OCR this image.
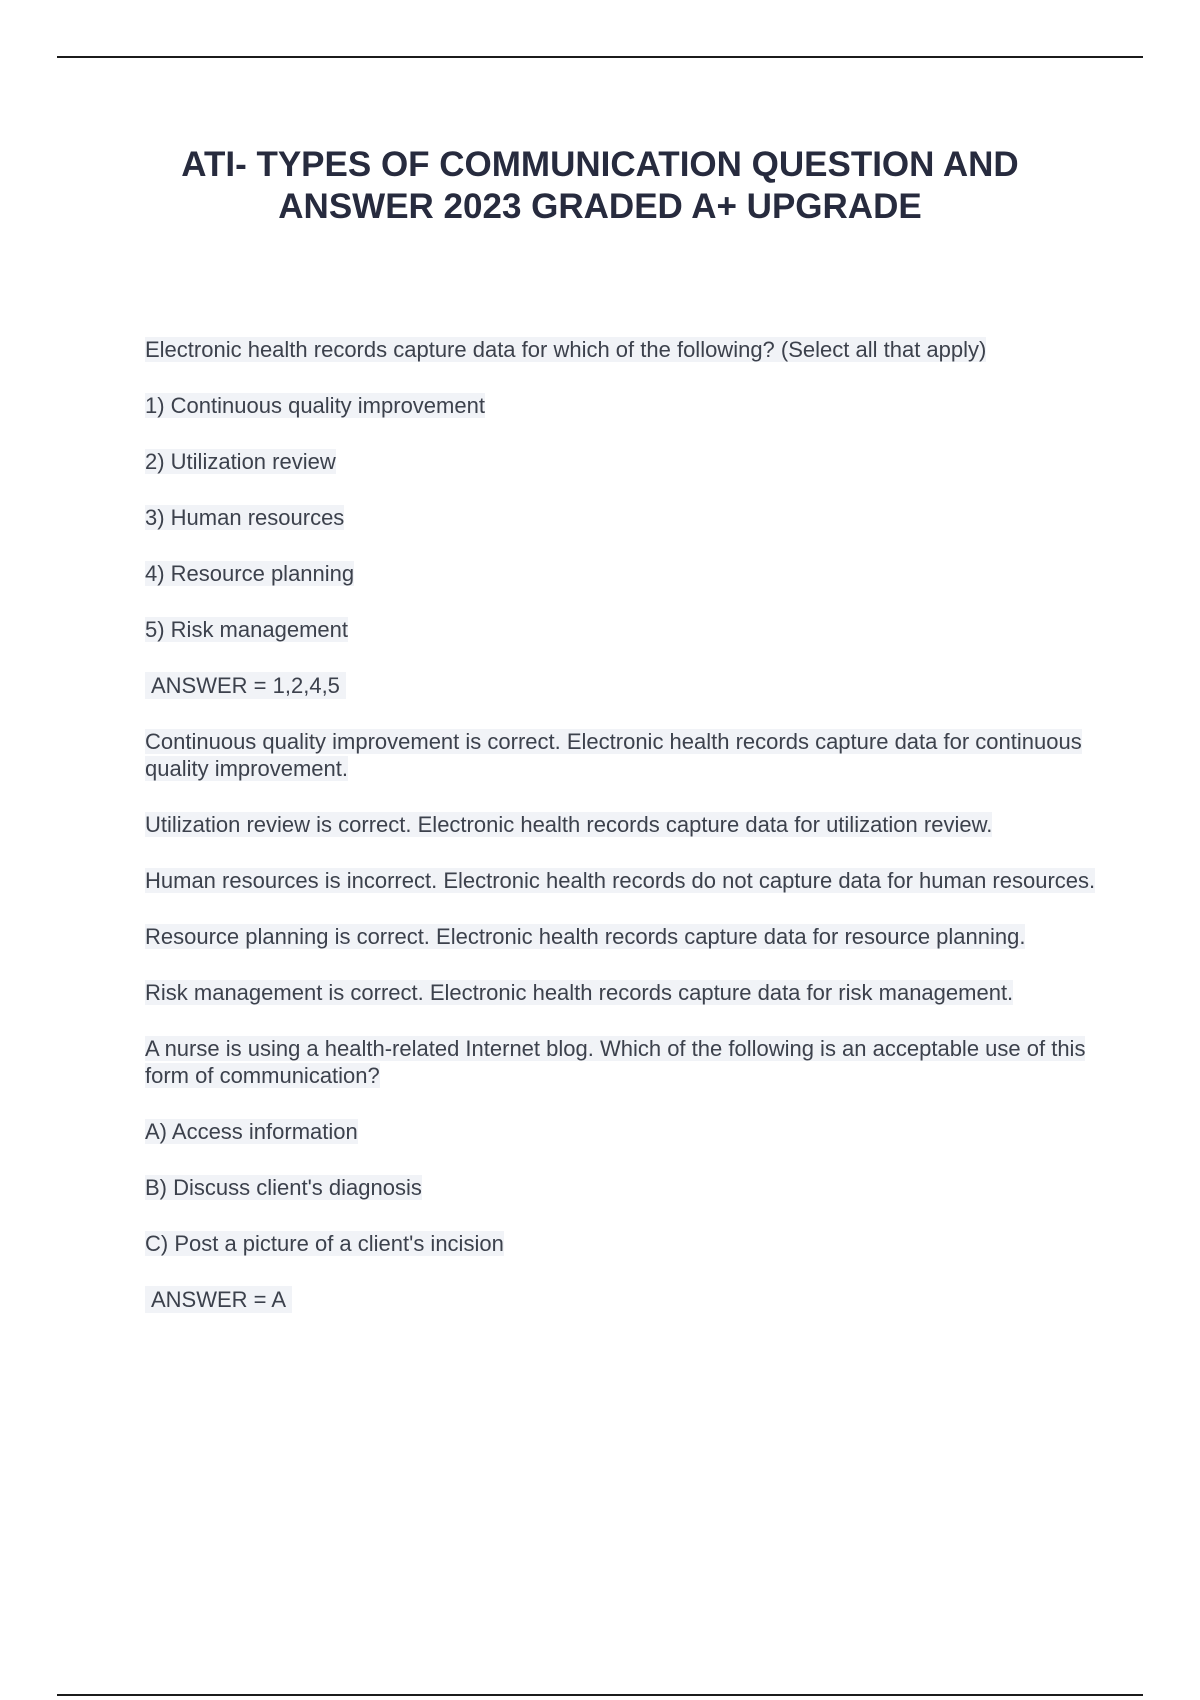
ATI- TYPES OF COMMUNICATION QUESTION AND
ANSWER 2023 GRADED A+ UPGRADE

Electronic health records capture data for which of the following? (Select all that apply)

1) Continuous quality improvement

2) Utilization review

3) Human resources

4) Resource planning

5) Risk management

ANSWER = 1,2,4,5

Continuous quality improvement is correct. Electronic health records capture data for continuous quality improvement.

Utilization review is correct. Electronic health records capture data for utilization review.

Human resources is incorrect. Electronic health records do not capture data for human resources.

Resource planning is correct. Electronic health records capture data for resource planning.

Risk management is correct. Electronic health records capture data for risk management.

A nurse is using a health-related Internet blog. Which of the following is an acceptable use of this form of communication?

A) Access information

B) Discuss client's diagnosis

C) Post a picture of a client's incision

ANSWER = A
